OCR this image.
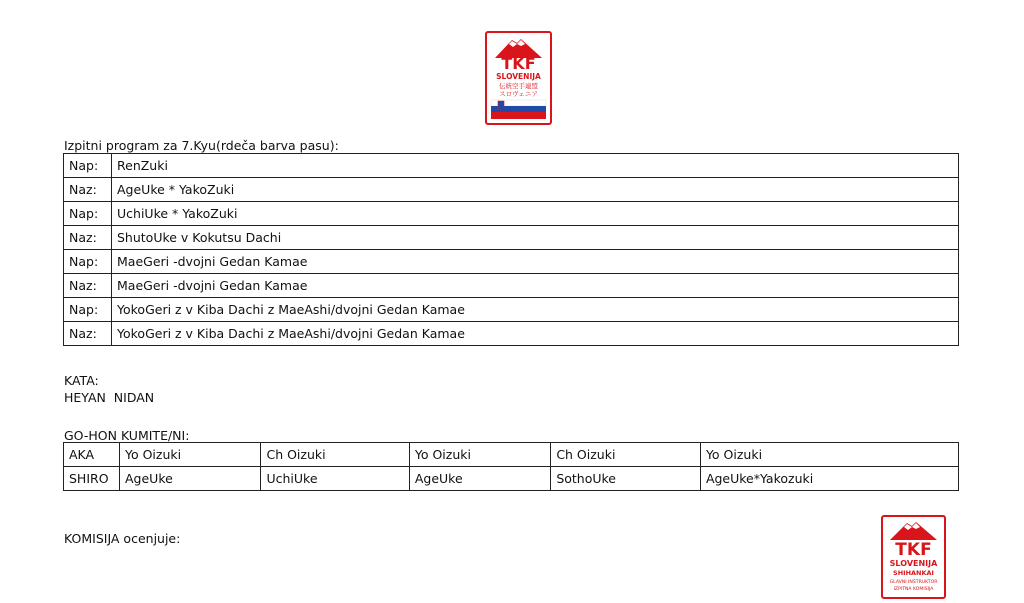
TKF
SLOVENIJA
伝統空手連盟
スロヴェニア
Izpitni program za 7.Kyu(rdeča barva pasu):
Nap:	RenZuki
Naz:	AgeUke * YakoZuki
Nap:	UchiUke * YakoZuki
Naz:	ShutoUke v Kokutsu Dachi
Nap:	MaeGeri -dvojni Gedan Kamae
Naz:	MaeGeri -dvojni Gedan Kamae
Nap:	YokoGeri z v Kiba Dachi z MaeAshi/dvojni Gedan Kamae
Naz:	YokoGeri z v Kiba Dachi z MaeAshi/dvojni Gedan Kamae
KATA:
HEYAN  NIDAN
GO-HON KUMITE/NI:
AKA	Yo Oizuki	Ch Oizuki	Yo Oizuki	Ch Oizuki	Yo Oizuki
SHIRO	AgeUke	UchiUke	AgeUke	SothoUke	AgeUke*Yakozuki
KOMISIJA ocenjuje:
TKF
SLOVENIJA
SHIHANKAI
GLAVNI INŠTRUKTOR
IZPITNA KOMISIJA
